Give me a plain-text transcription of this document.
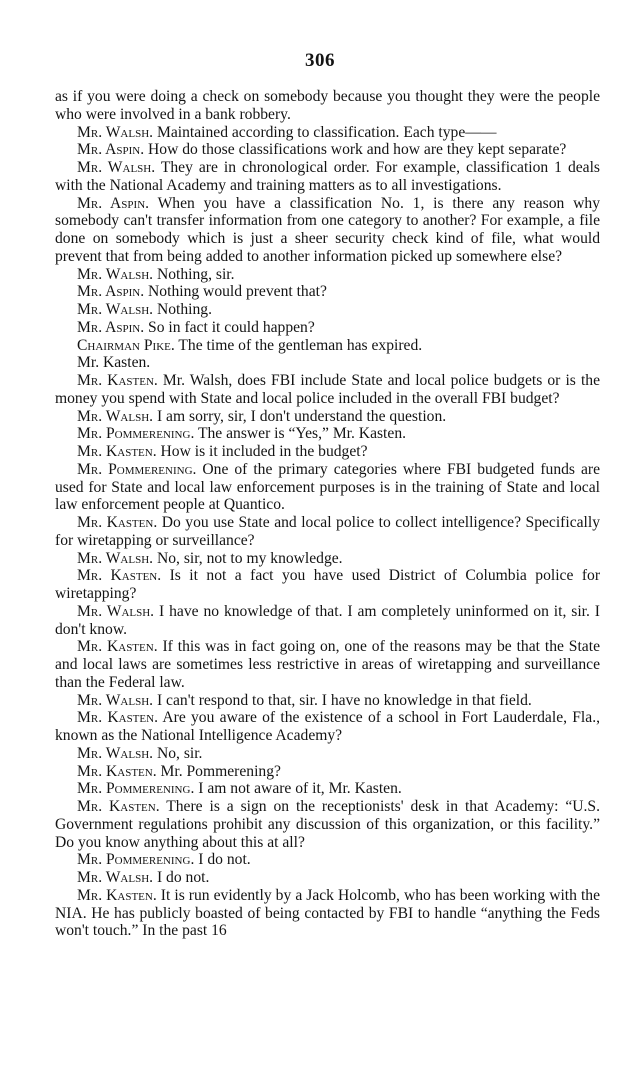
306

as if you were doing a check on somebody because you thought they were the people who were involved in a bank robbery.

Mr. Walsh. Maintained according to classification. Each type——

Mr. Aspin. How do those classifications work and how are they kept separate?

Mr. Walsh. They are in chronological order. For example, classification 1 deals with the National Academy and training matters as to all investigations.

Mr. Aspin. When you have a classification No. 1, is there any reason why somebody can't transfer information from one category to another? For example, a file done on somebody which is just a sheer security check kind of file, what would prevent that from being added to another information picked up somewhere else?

Mr. Walsh. Nothing, sir.

Mr. Aspin. Nothing would prevent that?

Mr. Walsh. Nothing.

Mr. Aspin. So in fact it could happen?

Chairman Pike. The time of the gentleman has expired.

Mr. Kasten.

Mr. Kasten. Mr. Walsh, does FBI include State and local police budgets or is the money you spend with State and local police included in the overall FBI budget?

Mr. Walsh. I am sorry, sir, I don't understand the question.

Mr. Pommerening. The answer is “Yes,” Mr. Kasten.

Mr. Kasten. How is it included in the budget?

Mr. Pommerening. One of the primary categories where FBI budgeted funds are used for State and local law enforcement purposes is in the training of State and local law enforcement people at Quantico.

Mr. Kasten. Do you use State and local police to collect intelligence? Specifically for wiretapping or surveillance?

Mr. Walsh. No, sir, not to my knowledge.

Mr. Kasten. Is it not a fact you have used District of Columbia police for wiretapping?

Mr. Walsh. I have no knowledge of that. I am completely uninformed on it, sir. I don't know.

Mr. Kasten. If this was in fact going on, one of the reasons may be that the State and local laws are sometimes less restrictive in areas of wiretapping and surveillance than the Federal law.

Mr. Walsh. I can't respond to that, sir. I have no knowledge in that field.

Mr. Kasten. Are you aware of the existence of a school in Fort Lauderdale, Fla., known as the National Intelligence Academy?

Mr. Walsh. No, sir.

Mr. Kasten. Mr. Pommerening?

Mr. Pommerening. I am not aware of it, Mr. Kasten.

Mr. Kasten. There is a sign on the receptionists' desk in that Academy: “U.S. Government regulations prohibit any discussion of this organization, or this facility.” Do you know anything about this at all?

Mr. Pommerening. I do not.

Mr. Walsh. I do not.

Mr. Kasten. It is run evidently by a Jack Holcomb, who has been working with the NIA. He has publicly boasted of being contacted by FBI to handle “anything the Feds won't touch.” In the past 16
